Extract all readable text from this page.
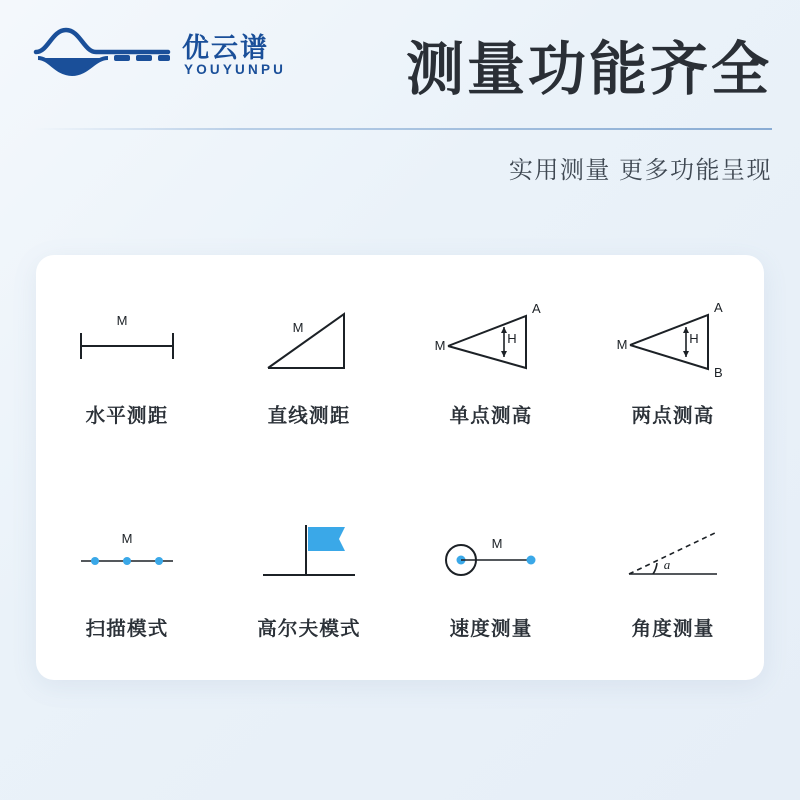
优云谱
YOUYUNPU 测量功能齐全
实用测量 更多功能呈现
M
水平测距
M
直线测距
M	H
A
单点测高
M	H
A
B
两点测高
M
扫描模式	高尔夫模式
M
速度测量
a
角度测量
